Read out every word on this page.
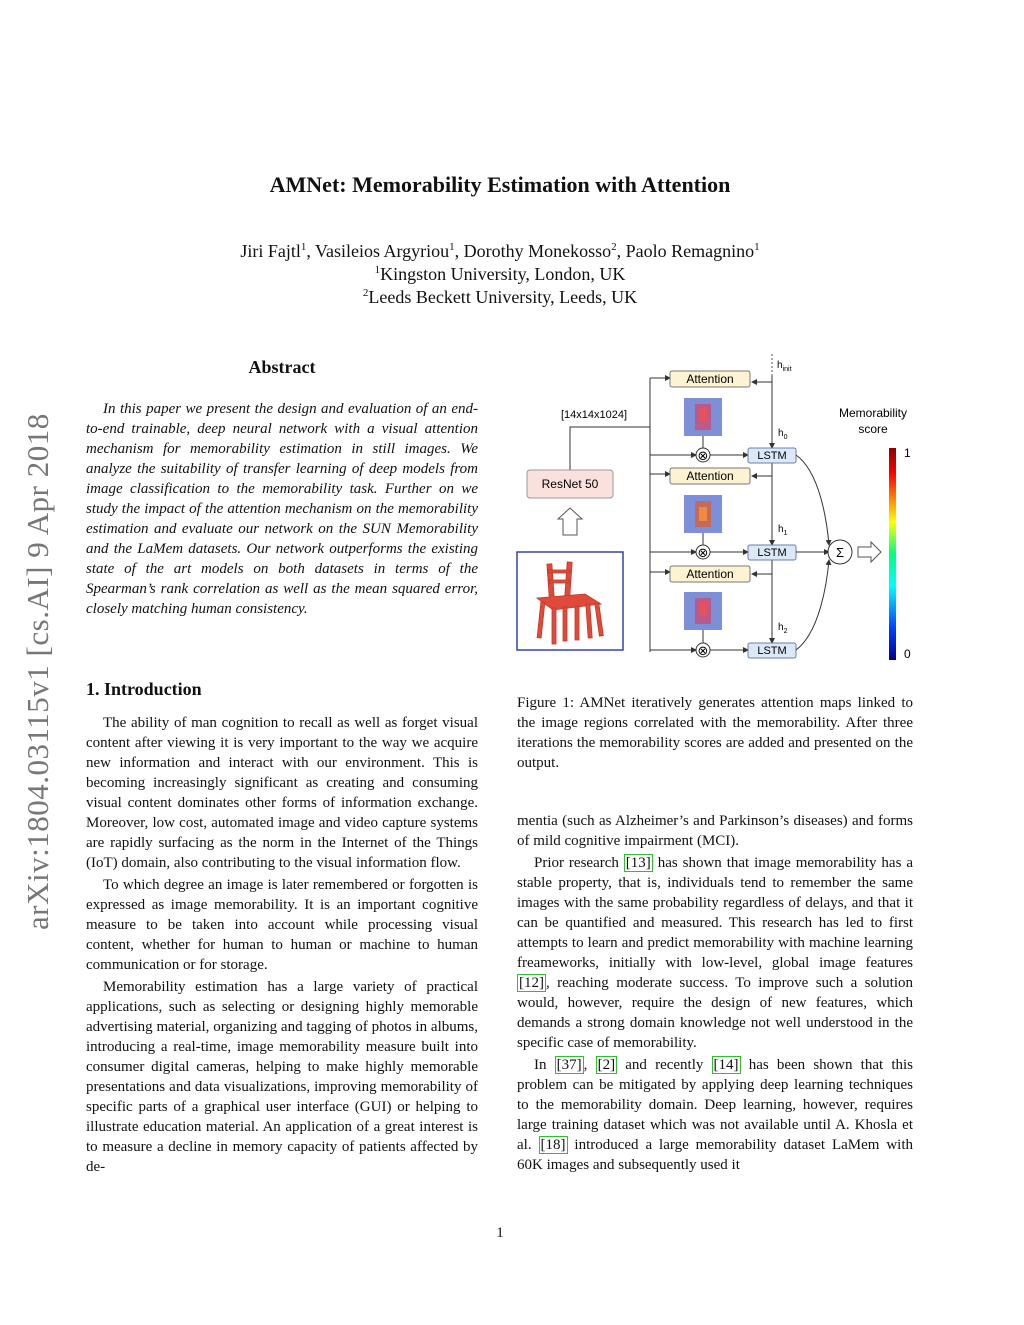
arXiv:1804.03115v1 [cs.AI] 9 Apr 2018
AMNet: Memorability Estimation with Attention
Jiri Fajtl$^1$, Vasileios Argyriou$^1$, Dorothy Monekosso$^2$, Paolo Remagnino$^1$
$^1$Kingston University, London, UK
$^2$Leeds Beckett University, Leeds, UK
Abstract

In this paper we present the design and evaluation of an end-to-end trainable, deep neural network with a visual attention mechanism for memorability estimation in still images. We analyze the suitability of transfer learning of deep models from image classification to the memorability task. Further on we study the impact of the attention mechanism on the memorability estimation and evaluate our network on the SUN Memorability and the LaMem datasets. Our network outperforms the existing state of the art models on both datasets in terms of the Spearman’s rank correlation as well as the mean squared error, closely matching human consistency.

1. Introduction

The ability of man cognition to recall as well as forget visual content after viewing it is very important to the way we acquire new information and interact with our environment. This is becoming increasingly significant as creating and consuming visual content dominates other forms of information exchange. Moreover, low cost, automated image and video capture systems are rapidly surfacing as the norm in the Internet of the Things (IoT) domain, also contributing to the visual information flow.

To which degree an image is later remembered or forgotten is expressed as image memorability. It is an important cognitive measure to be taken into account while processing visual content, whether for human to human or machine to human communication or for storage.

Memorability estimation has a large variety of practical applications, such as selecting or designing highly memorable advertising material, organizing and tagging of photos in albums, introducing a real-time, image memorability measure built into consumer digital cameras, helping to make highly memorable presentations and data visualizations, improving memorability of specific parts of a graphical user interface (GUI) or helping to illustrate education material. An application of a great interest is to measure a decline in memory capacity of patients affected by de-

[14x14x1024]
ResNet 50
$h_{init}$
Attention
Attention
Attention
⊗
⊗
⊗
$h_0$
$h_1$
$h_2$
LSTM
LSTM
LSTM
Σ
Memorability
score
1
0

Figure 1: AMNet iteratively generates attention maps linked to the image regions correlated with the memorability. After three iterations the memorability scores are added and presented on the output.

mentia (such as Alzheimer’s and Parkinson’s diseases) and forms of mild cognitive impairment (MCI).

Prior research [13] has shown that image memorability has a stable property, that is, individuals tend to remember the same images with the same probability regardless of delays, and that it can be quantified and measured. This research has led to first attempts to learn and predict memorability with machine learning freameworks, initially with low-level, global image features [12] , reaching moderate success. To improve such a solution would, however, require the design of new features, which demands a strong domain knowledge not well understood in the specific case of memorability.

In [37] , [2] and recently [14] has been shown that this problem can be mitigated by applying deep learning techniques to the memorability domain. Deep learning, however, requires large training dataset which was not available until A. Khosla et al. [18] introduced a large memorability dataset LaMem with 60K images and subsequently used it

1
